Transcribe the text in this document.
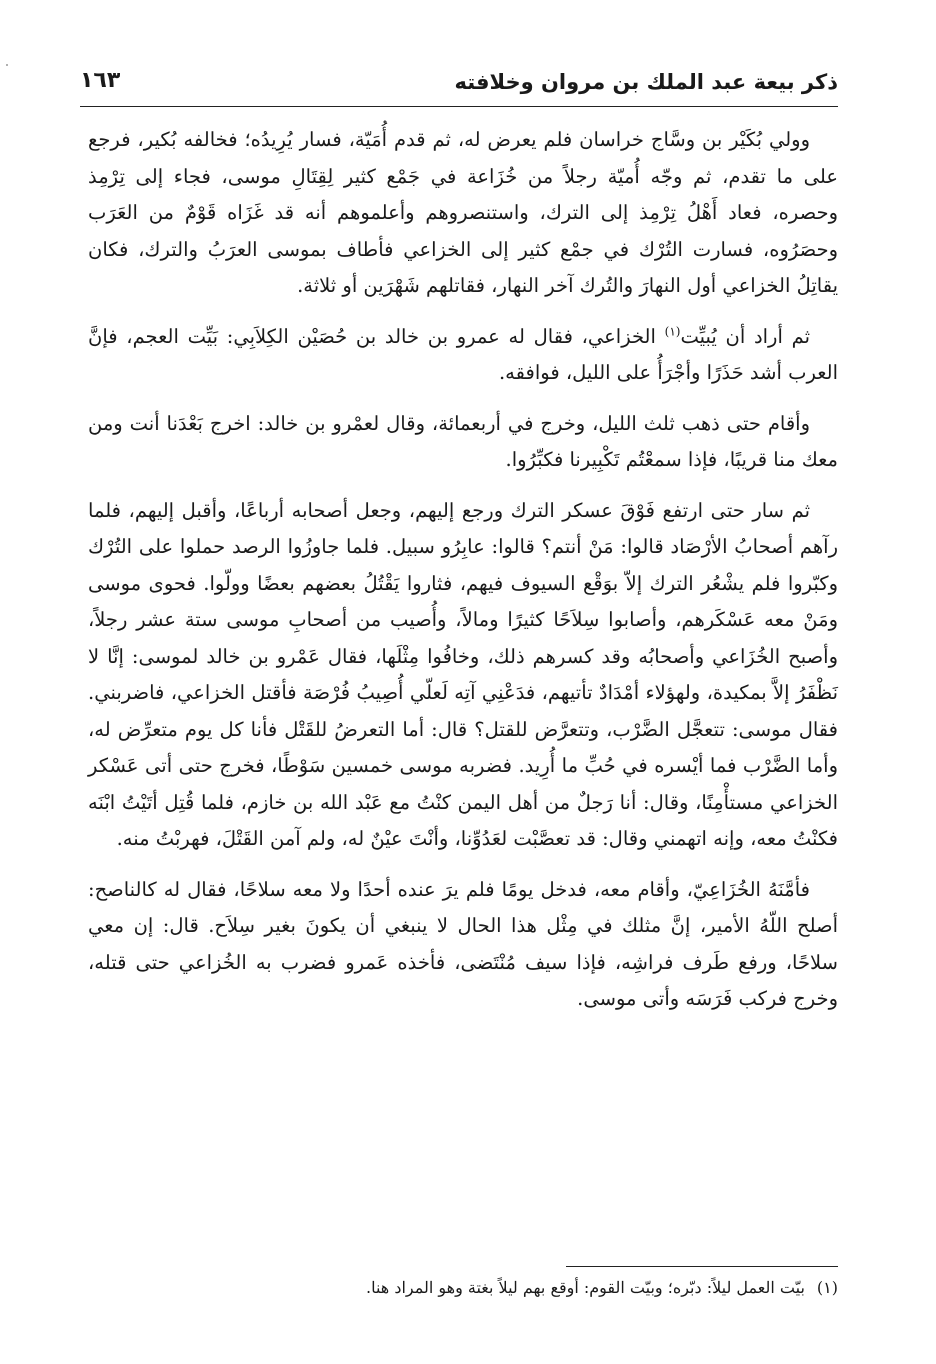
ذكر بيعة عبد الملك بن مروان وخلافته
١٦٣

وولي بُكَيْر بن وسَّاج خراسان فلم يعرض له، ثم قدم أُمَيّة، فسار يُرِيدُه؛ فخالفه بُكير، فرجع على ما تقدم، ثم وجّه أُميّة رجلاً من خُزَاعة في جَمْع كثير لِقِتَالِ موسى، فجاء إلى تِرْمِذ وحصره، فعاد أَهْلُ تِرْمِذ إلى الترك، واستنصروهم وأعلموهم أنه قد غَزَاه قَوْمٌ من العَرَب وحصَرُوه، فسارت التُرْك في جمْع كثير إلى الخزاعي فأطاف بموسى العرَبُ والترك، فكان يقاتِلُ الخزاعي أول النهارَ والتُرك آخر النهار، فقاتلهم شَهْرَين أو ثلاثة.

ثم أراد أن يُبيِّت$^{(١)}$ الخزاعي، فقال له عمرو بن خالد بن حُصَيْن الكِلاَبِي: بَيِّت العجم، فإنَّ العرب أشد حَذَرًا وأجْرَأُ على الليل، فوافقه.

وأقام حتى ذهب ثلث الليل، وخرج في أربعمائة، وقال لعمْرو بن خالد: اخرج بَعْدَنا أنت ومن معك منا قريبًا، فإذا سمعْتُم تَكْبِيرنا فكبِّرُوا.

ثم سار حتى ارتفع فَوْقَ عسكر الترك ورجع إليهم، وجعل أصحابه أرباعًا، وأقبل إليهم، فلما رآهم أصحابُ الأرْصَاد قالوا: مَنْ أنتم؟ قالوا: عابِرُو سبيل. فلما جاوزُوا الرصد حملوا على التُرْك وكبّروا فلم يشْعُر الترك إلاّ بوَقْع السيوف فيهم، فثاروا يَقْتُلُ بعضهم بعضًا وولّوا. فحوى موسى ومَنْ معه عَسْكَرهم، وأصابوا سِلاَحًا كثيرًا ومالاً، وأُصيب من أصحابِ موسى ستة عشر رجلاً، وأصبح الخُزَاعي وأصحابُه وقد كسرهم ذلك، وخافُوا مِثْلَها، فقال عَمْرو بن خالد لموسى: إنَّا لا نَظْفَرُ إلاَّ بمكيدة، ولهؤلاء أمْدَادٌ تأتيهم، فدَعْنِي آتِه لَعلّي أُصِيبُ فُرْصَة فأقتل الخزاعي، فاضربني. فقال موسى: تتعجَّل الضَّرْب، وتتعرَّض للقتل؟ قال: أما التعرضُ للقَتْل فأنا كل يوم متعرِّض له، وأما الضَّرْب فما أيْسره في حُبِّ ما أُرِيد. فضربه موسى خمسين سَوْطًا، فخرج حتى أتى عَسْكر الخزاعي مستأْمِنًا، وقال: أنا رَجلٌ من أهل اليمن كنْتُ مع عَبْد الله بن خازم، فلما قُتِل أتَيْتُ ابْنَه فكنْتُ معه، وإنه اتهمني وقال: قد تعصَّبْت لعَدُوِّنا، وأنْتَ عيْنٌ له، ولم آمن القَتْلَ، فهربْتُ منه.

فأمَّنَهُ الخُزَاعِيّ، وأقام معه، فدخل يومًا فلم يرَ عنده أحدًا ولا معه سلاحًا، فقال له كالناصح: أصلح اللّهُ الأمير، إنَّ مثلك في مِثْل هذا الحال لا ينبغي أن يكونَ بغير سِلاَح. قال: إن معي سلاحًا، ورفع طَرف فراشِه، فإذا سيف مُنْتَضى، فأخذه عَمرو فضرب به الخُزاعي حتى قتله، وخرج فركب فَرَسَه وأتى موسى.

(١)بيّت العمل ليلاً: دبّره؛ وبيّت القوم: أوقع بهم ليلاً بغتة وهو المراد هنا.
